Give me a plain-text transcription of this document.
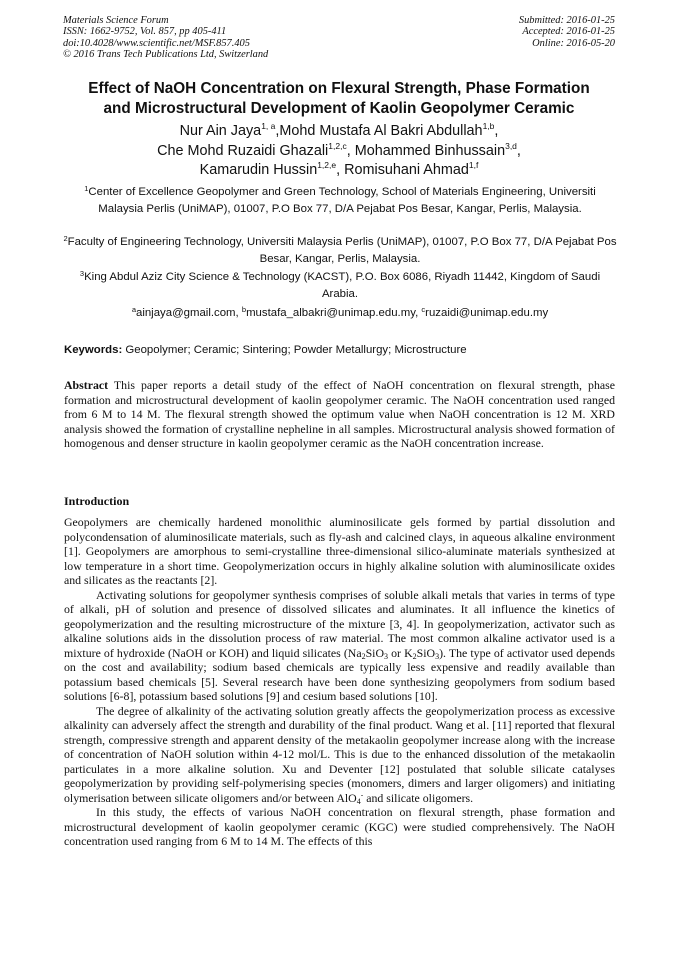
Materials Science Forum
ISSN: 1662-9752, Vol. 857, pp 405-411
doi:10.4028/www.scientific.net/MSF.857.405
© 2016 Trans Tech Publications Ltd, Switzerland
Submitted: 2016-01-25
Accepted: 2016-01-25
Online: 2016-05-20
Effect of NaOH Concentration on Flexural Strength, Phase Formation
and Microstructural Development of Kaolin Geopolymer Ceramic
Nur Ain Jaya$^{1, a}$,Mohd Mustafa Al Bakri Abdullah$^{1,b}$,
Che Mohd Ruzaidi Ghazali$^{1,2,c}$, Mohammed Binhussain$^{3,d}$,
Kamarudin Hussin$^{1,2,e}$, Romisuhani Ahmad$^{1,f}$
$^1$Center of Excellence Geopolymer and Green Technology, School of Materials Engineering, Universiti Malaysia Perlis (UniMAP), 01007, P.O Box 77, D/A Pejabat Pos Besar, Kangar, Perlis, Malaysia.
$^2$Faculty of Engineering Technology, Universiti Malaysia Perlis (UniMAP), 01007, P.O Box 77, D/A Pejabat Pos Besar, Kangar, Perlis, Malaysia.
$^3$King Abdul Aziz City Science & Technology (KACST), P.O. Box 6086, Riyadh 11442, Kingdom of Saudi Arabia.
$^a$ainjaya@gmail.com, $^b$mustafa_albakri@unimap.edu.my, $^c$ruzaidi@unimap.edu.my
Keywords: Geopolymer; Ceramic; Sintering; Powder Metallurgy; Microstructure
Abstract This paper reports a detail study of the effect of NaOH concentration on flexural strength, phase formation and microstructural development of kaolin geopolymer ceramic. The NaOH concentration used ranged from 6 M to 14 M. The flexural strength showed the optimum value when NaOH concentration is 12 M. XRD analysis showed the formation of crystalline nepheline in all samples. Microstructural analysis showed formation of homogenous and denser structure in kaolin geopolymer ceramic as the NaOH concentration increase.
Introduction

Geopolymers are chemically hardened monolithic aluminosilicate gels formed by partial dissolution and polycondensation of aluminosilicate materials, such as fly-ash and calcined clays, in aqueous alkaline environment [1]. Geopolymers are amorphous to semi-crystalline three-dimensional silico-aluminate materials synthesized at low temperature in a short time. Geopolymerization occurs in highly alkaline solution with aluminosilicate oxides and silicates as the reactants [2].

Activating solutions for geopolymer synthesis comprises of soluble alkali metals that varies in terms of type of alkali, pH of solution and presence of dissolved silicates and aluminates. It all influence the kinetics of geopolymerization and the resulting microstructure of the mixture [3, 4]. In geopolymerization, activator such as alkaline solutions aids in the dissolution process of raw material. The most common alkaline activator used is a mixture of hydroxide (NaOH or KOH) and liquid silicates ($Na_2SiO_3$ or $K_2SiO_3$). The type of activator used depends on the cost and availability; sodium based chemicals are typically less expensive and readily available than potassium based chemicals [5]. Several research have been done synthesizing geopolymers from sodium based solutions [6-8], potassium based solutions [9] and cesium based solutions [10].

The degree of alkalinity of the activating solution greatly affects the geopolymerization process as excessive alkalinity can adversely affect the strength and durability of the final product. Wang et al. [11] reported that flexural strength, compressive strength and apparent density of the metakaolin geopolymer increase along with the increase of concentration of NaOH solution within 4-12 mol/L. This is due to the enhanced dissolution of the metakaolin particulates in a more alkaline solution. Xu and Deventer [12] postulated that soluble silicate catalyses geopolymerization by providing self-polymerising species (monomers, dimers and larger oligomers) and initiating olymerisation between silicate oligomers and/or between AlO$_4$- and silicate oligomers.

In this study, the effects of various NaOH concentration on flexural strength, phase formation and microstructural development of kaolin geopolymer ceramic (KGC) were studied comprehensively. The NaOH concentration used ranging from 6 M to 14 M. The effects of this
